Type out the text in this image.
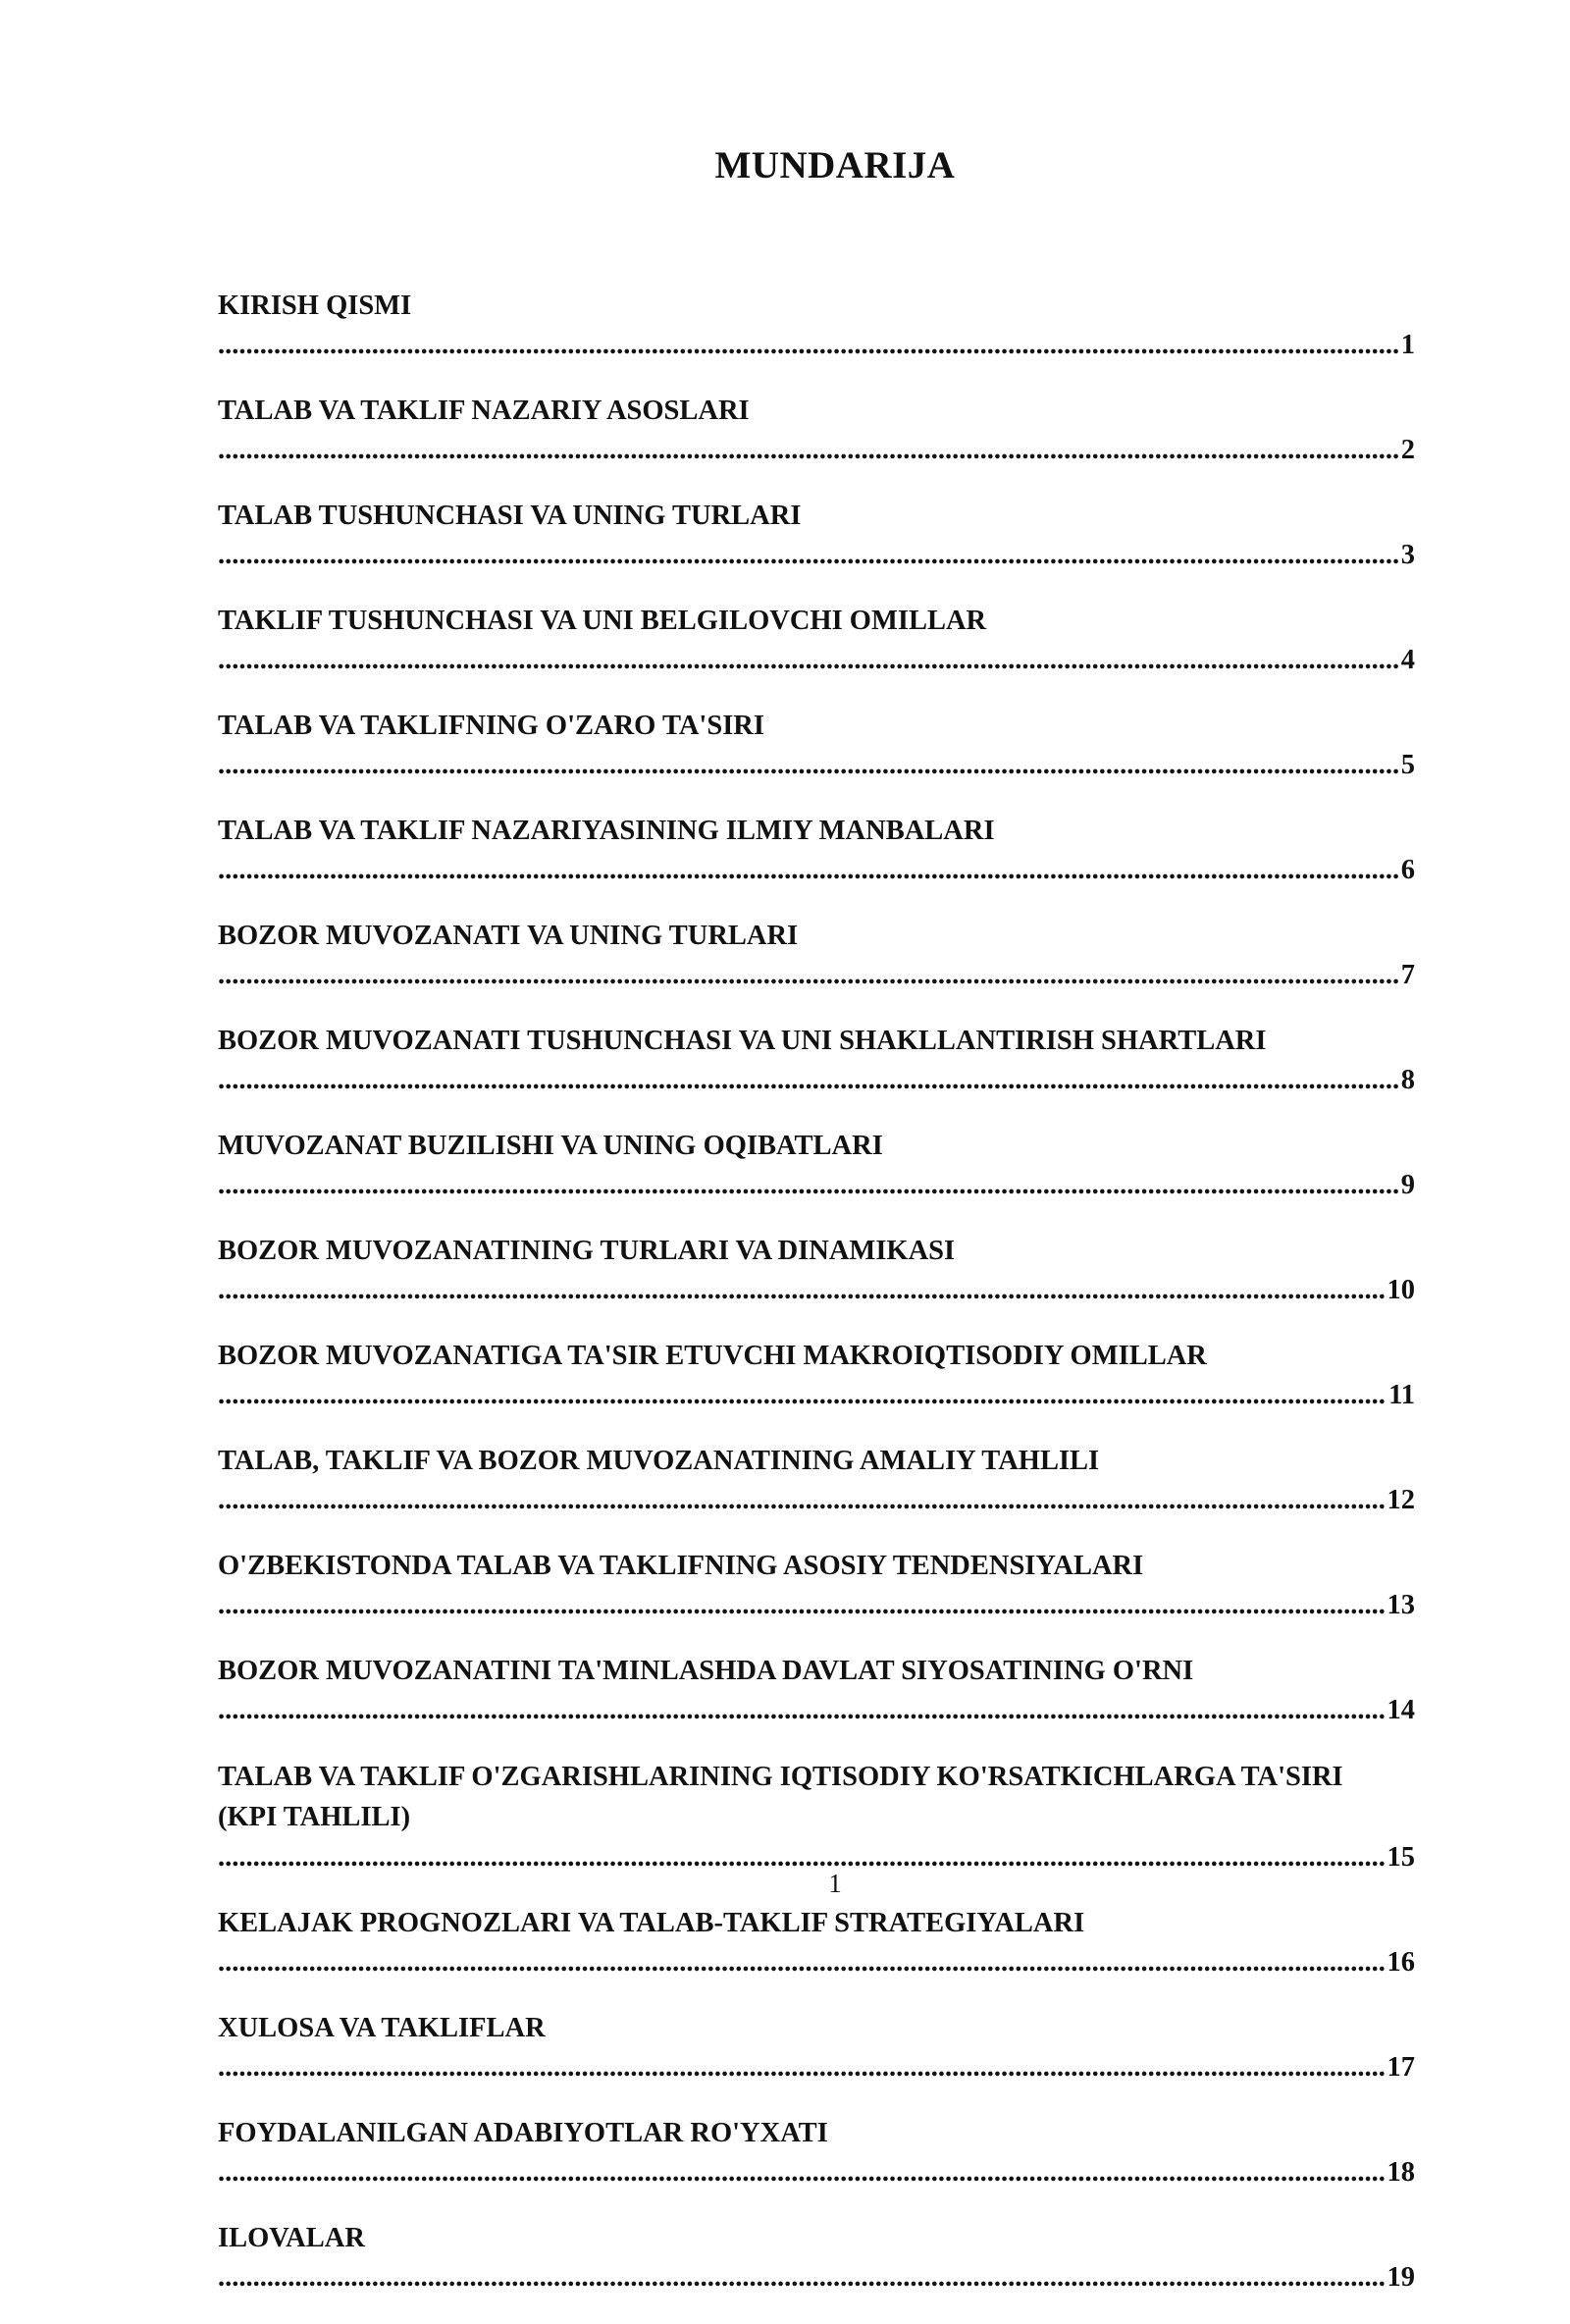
MUNDARIJA
KIRISH QISMI .....
1
TALAB VA TAKLIF NAZARIY ASOSLARI .....
2
TALAB TUSHUNCHASI VA UNING TURLARI .....
3
TAKLIF TUSHUNCHASI VA UNI BELGILOVCHI OMILLAR .....
4
TALAB VA TAKLIFNING O'ZARO TA'SIRI .....
5
TALAB VA TAKLIF NAZARIYASINING ILMIY MANBALARI .....
6
BOZOR MUVOZANATI VA UNING TURLARI .....
7
BOZOR MUVOZANATI TUSHUNCHASI VA UNI SHAKLLANTIRISH SHARTLARI .....
8
MUVOZANAT BUZILISHI VA UNING OQIBATLARI .....
9
BOZOR MUVOZANATINING TURLARI VA DINAMIKASI .....
10
BOZOR MUVOZANATIGA TA'SIR ETUVCHI MAKROIQTISODIY OMILLAR .....
11
TALAB, TAKLIF VA BOZOR MUVOZANATINING AMALIY TAHLILI .....
12
O'ZBEKISTONDA TALAB VA TAKLIFNING ASOSIY TENDENSIYALARI .....
13
BOZOR MUVOZANATINI TA'MINLASHDA DAVLAT SIYOSATINING O'RNI .....
14
TALAB VA TAKLIF O'ZGARISHLARINING IQTISODIY KO'RSATKICHLARGA TA'SIRI (KPI TAHLILI) .....
15
KELAJAK PROGNOZLARI VA TALAB-TAKLIF STRATEGIYALARI .....
16
XULOSA VA TAKLIFLAR .....
17
FOYDALANILGAN ADABIYOTLAR RO'YXATI .....
18
ILOVALAR .....
19
1
